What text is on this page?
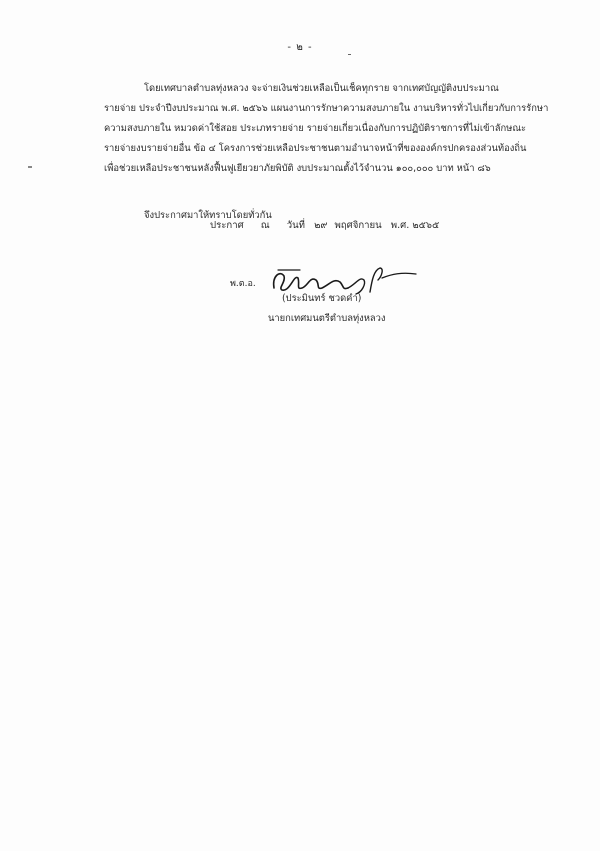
- ๒ -
โดยเทศบาลตำบลทุ่งหลวง จะจ่ายเงินช่วยเหลือเป็นเช็คทุกราย จากเทศบัญญัติงบประมาณ
รายจ่าย ประจำปีงบประมาณ พ.ศ. ๒๕๖๖ แผนงานการรักษาความสงบภายใน งานบริหารทั่วไปเกี่ยวกับการรักษา
ความสงบภายใน หมวดค่าใช้สอย ประเภทรายจ่าย รายจ่ายเกี่ยวเนื่องกับการปฏิบัติราชการที่ไม่เข้าลักษณะ
รายจ่ายงบรายจ่ายอื่น ข้อ ๔ โครงการช่วยเหลือประชาชนตามอำนาจหน้าที่ขององค์กรปกครองส่วนท้องถิ่น
เพื่อช่วยเหลือประชาชนหลังฟื้นฟูเยียวยาภัยพิบัติ งบประมาณตั้งไว้จำนวน ๑๐๐,๐๐๐ บาท หน้า ๘๖
จึงประกาศมาให้ทราบโดยทั่วกัน
ประกาศ ณ วันที่ ๒๙ พฤศจิกายน พ.ศ. ๒๕๖๕
พ.ต.อ.
(ประมินทร์ ชวดคำ)
นายกเทศมนตรีตำบลทุ่งหลวง
